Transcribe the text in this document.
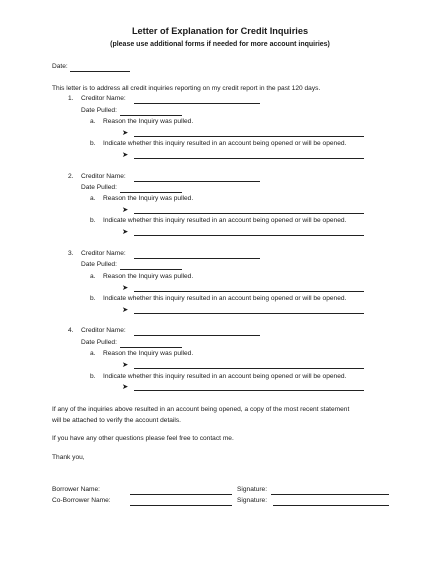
Letter of Explanation for Credit Inquiries
(please use additional forms if needed for more account inquiries)
Date:
This letter is to address all credit inquiries reporting on my credit report in the past 120 days.
1. Creditor Name:
Date Pulled:
a. Reason the Inquiry was pulled.
➤
b. Indicate whether this inquiry resulted in an account being opened or will be opened.
➤
2. Creditor Name:
Date Pulled:
a. Reason the Inquiry was pulled.
➤
b. Indicate whether this inquiry resulted in an account being opened or will be opened.
➤
3. Creditor Name:
Date Pulled:
a. Reason the Inquiry was pulled.
➤
b. Indicate whether this inquiry resulted in an account being opened or will be opened.
➤
4. Creditor Name:
Date Pulled:
a. Reason the Inquiry was pulled.
➤
b. Indicate whether this inquiry resulted in an account being opened or will be opened.
➤
If any of the inquiries above resulted in an account being opened, a copy of the most recent statement
will be attached to verify the account details.
If you have any other questions please feel free to contact me.
Thank you,
Borrower Name:	Signature:
Co-Borrower Name:	Signature:
